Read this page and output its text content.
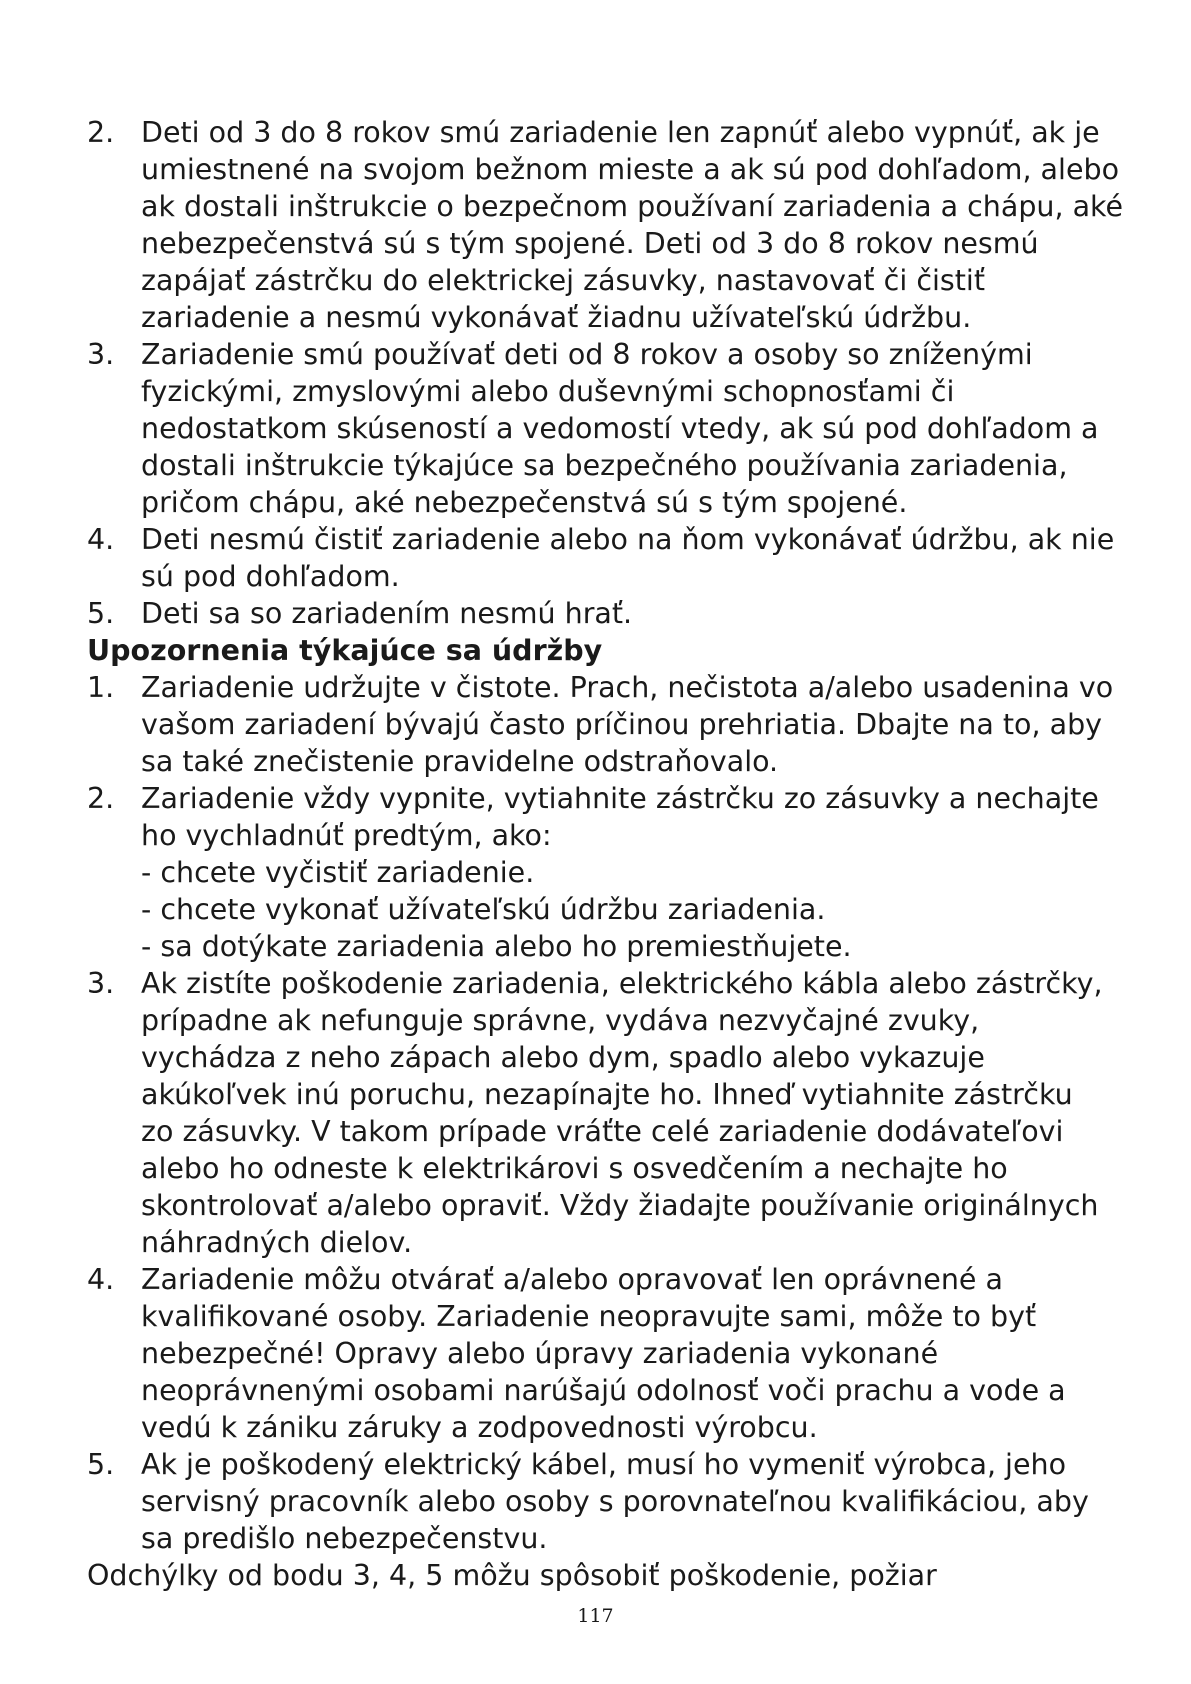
2. Deti od 3 do 8 rokov smú zariadenie len zapnúť alebo vypnúť, ak je
umiestnené na svojom bežnom mieste a ak sú pod dohľadom, alebo
ak dostali inštrukcie o bezpečnom používaní zariadenia a chápu, aké
nebezpečenstvá sú s tým spojené. Deti od 3 do 8 rokov nesmú
zapájať zástrčku do elektrickej zásuvky, nastavovať či čistiť
zariadenie a nesmú vykonávať žiadnu užívateľskú údržbu.
3. Zariadenie smú používať deti od 8 rokov a osoby so zníženými
fyzickými, zmyslovými alebo duševnými schopnosťami či
nedostatkom skúseností a vedomostí vtedy, ak sú pod dohľadom a
dostali inštrukcie týkajúce sa bezpečného používania zariadenia,
pričom chápu, aké nebezpečenstvá sú s tým spojené.
4. Deti nesmú čistiť zariadenie alebo na ňom vykonávať údržbu, ak nie
sú pod dohľadom.
5. Deti sa so zariadením nesmú hrať.
Upozornenia týkajúce sa údržby
1. Zariadenie udržujte v čistote. Prach, nečistota a/alebo usadenina vo
vašom zariadení bývajú často príčinou prehriatia. Dbajte na to, aby
sa také znečistenie pravidelne odstraňovalo.
2. Zariadenie vždy vypnite, vytiahnite zástrčku zo zásuvky a nechajte
ho vychladnúť predtým, ako:
- chcete vyčistiť zariadenie.
- chcete vykonať užívateľskú údržbu zariadenia.
- sa dotýkate zariadenia alebo ho premiestňujete.
3. Ak zistíte poškodenie zariadenia, elektrického kábla alebo zástrčky,
prípadne ak nefunguje správne, vydáva nezvyčajné zvuky,
vychádza z neho zápach alebo dym, spadlo alebo vykazuje
akúkoľvek inú poruchu, nezapínajte ho. Ihneď vytiahnite zástrčku
zo zásuvky. V takom prípade vráťte celé zariadenie dodávateľovi
alebo ho odneste k elektrikárovi s osvedčením a nechajte ho
skontrolovať a/alebo opraviť. Vždy žiadajte používanie originálnych
náhradných dielov.
4. Zariadenie môžu otvárať a/alebo opravovať len oprávnené a
kvalifikované osoby. Zariadenie neopravujte sami, môže to byť
nebezpečné! Opravy alebo úpravy zariadenia vykonané
neoprávnenými osobami narúšajú odolnosť voči prachu a vode a
vedú k zániku záruky a zodpovednosti výrobcu.
5. Ak je poškodený elektrický kábel, musí ho vymeniť výrobca, jeho
servisný pracovník alebo osoby s porovnateľnou kvalifikáciou, aby
sa predišlo nebezpečenstvu.
Odchýlky od bodu 3, 4, 5 môžu spôsobiť poškodenie, požiar
117
